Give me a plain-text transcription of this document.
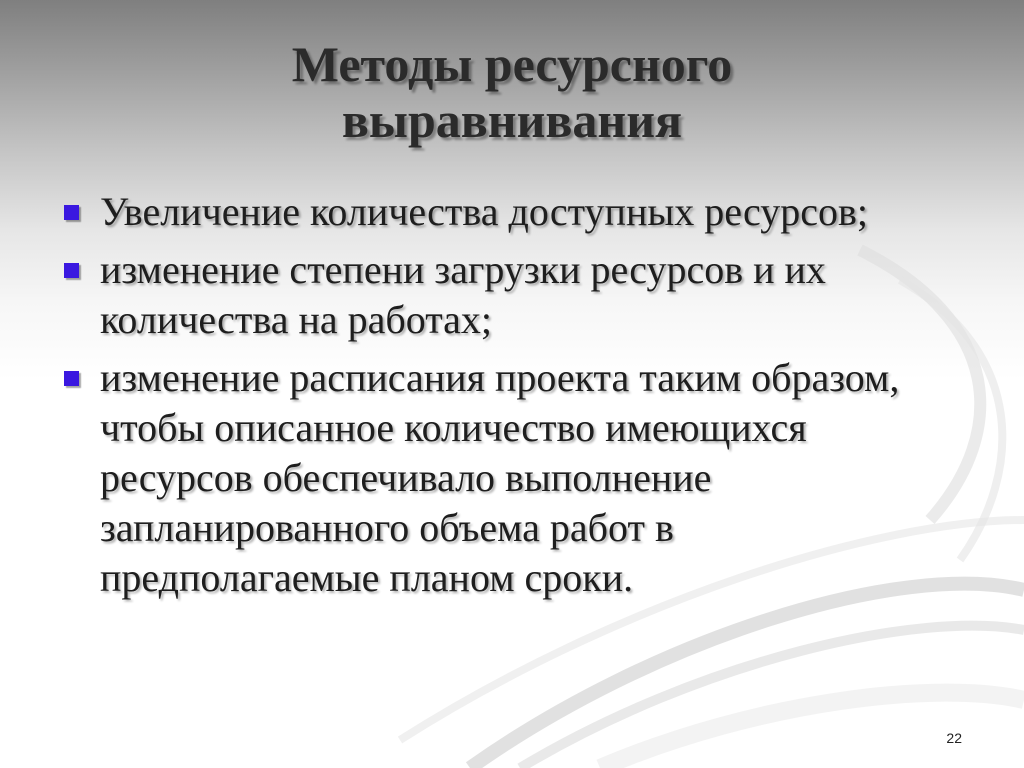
Методы ресурсного
выравнивания
Увеличение количества доступных ресурсов;
изменение степени загрузки ресурсов и их количества на работах;
изменение расписания проекта таким образом, чтобы описанное количество имеющихся ресурсов обеспечивало выполнение запланированного объема работ в предполагаемые планом сроки.
22
